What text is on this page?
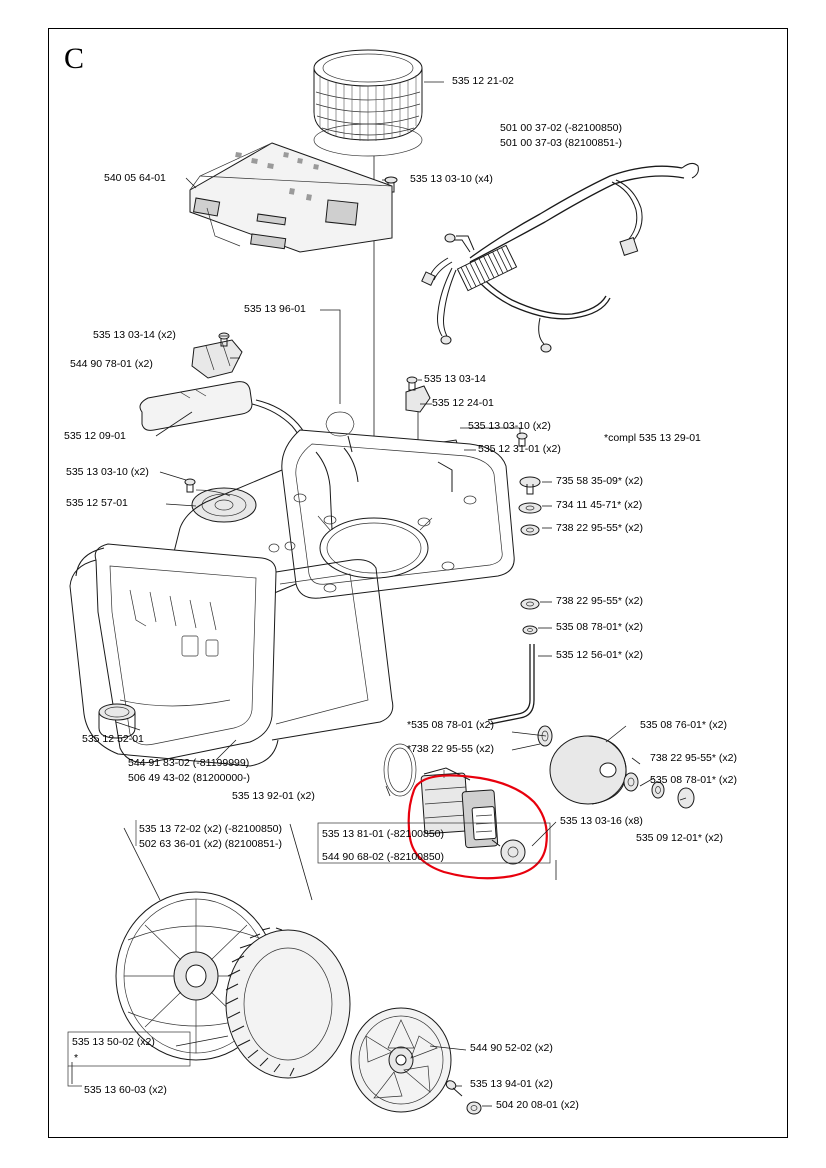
C
535 12 21-02
501 00 37-02 (-82100850)
501 00 37-03 (82100851-)
540 05 64-01	535 13 03-10 (x4)
535 13 96-01
535 13 03-14 (x2)
544 90 78-01 (x2)
535 13 03-14
535 12 24-01
535 13 03-10 (x2)
535 12 31-01 (x2)
*compl 535 13 29-01
535 12 09-01
535 13 03-10 (x2)
535 12 57-01
735 58 35-09* (x2)
734 11 45-71* (x2)
738 22 95-55* (x2)
738 22 95-55* (x2)
535 08 78-01* (x2)
535 12 56-01* (x2)
535 12 52-01
544 91 83-02 (-81199999)
506 49 43-02 (81200000-)
535 13 92-01 (x2)
*535 08 78-01 (x2)
*738 22 95-55 (x2)
535 08 76-01* (x2)
738 22 95-55* (x2)
535 08 78-01* (x2)
535 09 12-01* (x2)
535 13 03-16 (x8)
535 13 72-02 (x2) (-82100850)
502 63 36-01 (x2) (82100851-)
535 13 81-01 (-82100850)
544 90 68-02 (-82100850)
535 13 50-02 (x2)
*
535 13 60-03 (x2)
544 90 52-02 (x2)
535 13 94-01 (x2)
504 20 08-01 (x2)
